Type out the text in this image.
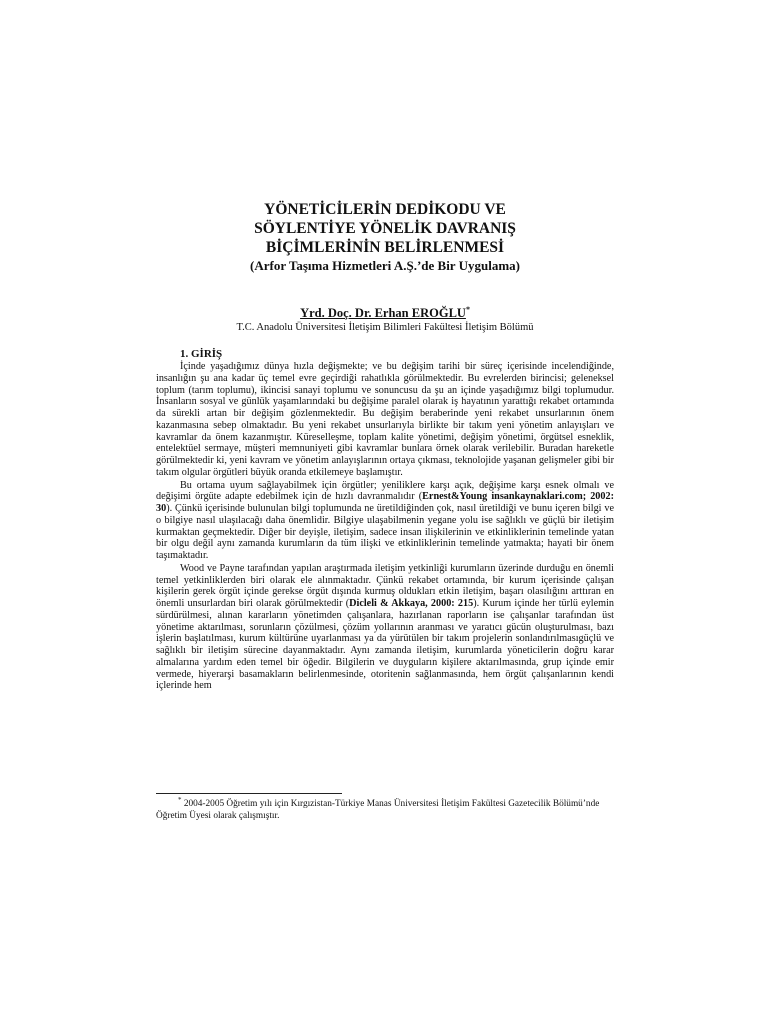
YÖNETİCİLERİN DEDİKODU VE
SÖYLENTİYE YÖNELİK DAVRANIŞ
BİÇİMLERİNİN BELİRLENMESİ
(Arfor Taşıma Hizmetleri A.Ş.’de Bir Uygulama)
Yrd. Doç. Dr. Erhan EROĞLU*
T.C. Anadolu Üniversitesi İletişim Bilimleri Fakültesi İletişim Bölümü
1. GİRİŞ

İçinde yaşadığımız dünya hızla değişmekte; ve bu değişim tarihi bir süreç içerisinde incelendiğinde, insanlığın şu ana kadar üç temel evre geçirdiği rahatlıkla görülmektedir. Bu evrelerden birincisi; geleneksel toplum (tarım toplumu), ikincisi sanayi toplumu ve sonuncusu da şu an içinde yaşadığımız bilgi toplumudur. İnsanların sosyal ve günlük yaşamlarındaki bu değişime paralel olarak iş hayatının yarattığı rekabet ortamında da sürekli artan bir değişim gözlenmektedir. Bu değişim beraberinde yeni rekabet unsurlarının önem kazanmasına sebep olmaktadır. Bu yeni rekabet unsurlarıyla birlikte bir takım yeni yönetim anlayışları ve kavramlar da önem kazanmıştır. Küreselleşme, toplam kalite yönetimi, değişim yönetimi, örgütsel esneklik, entelektüel sermaye, müşteri memnuniyeti gibi kavramlar bunlara örnek olarak verilebilir. Buradan hareketle görülmektedir ki, yeni kavram ve yönetim anlayışlarının ortaya çıkması, teknolojide yaşanan gelişmeler gibi bir takım olgular örgütleri büyük oranda etkilemeye başlamıştır.

Bu ortama uyum sağlayabilmek için örgütler; yeniliklere karşı açık, değişime karşı esnek olmalı ve değişimi örgüte adapte edebilmek için de hızlı davranmalıdır (Ernest&Young insankaynaklari.com; 2002: 30). Çünkü içerisinde bulunulan bilgi toplumunda ne üretildiğinden çok, nasıl üretildiği ve bunu içeren bilgi ve o bilgiye nasıl ulaşılacağı daha önemlidir. Bilgiye ulaşabilmenin yegane yolu ise sağlıklı ve güçlü bir iletişim kurmaktan geçmektedir. Diğer bir deyişle, iletişim, sadece insan ilişkilerinin ve etkinliklerinin temelinde yatan bir olgu değil aynı zamanda kurumların da tüm ilişki ve etkinliklerinin temelinde yatmakta; hayati bir önem taşımaktadır.

Wood ve Payne tarafından yapılan araştırmada iletişim yetkinliği kurumların üzerinde durduğu en önemli temel yetkinliklerden biri olarak ele alınmaktadır. Çünkü rekabet ortamında, bir kurum içerisinde çalışan kişilerin gerek örgüt içinde gerekse örgüt dışında kurmuş oldukları etkin iletişim, başarı olasılığını arttıran en önemli unsurlardan biri olarak görülmektedir (Dicleli & Akkaya, 2000: 215). Kurum içinde her türlü eylemin sürdürülmesi, alınan kararların yönetimden çalışanlara, hazırlanan raporların ise çalışanlar tarafından üst yönetime aktarılması, sorunların çözülmesi, çözüm yollarının aranması ve yaratıcı gücün oluşturulması, bazı işlerin başlatılması, kurum kültürüne uyarlanması ya da yürütülen bir takım projelerin sonlandırılmasıgüçlü ve sağlıklı bir iletişim sürecine dayanmaktadır. Aynı zamanda iletişim, kurumlarda yöneticilerin doğru karar almalarına yardım eden temel bir öğedir. Bilgilerin ve duyguların kişilere aktarılmasında, grup içinde emir vermede, hiyerarşi basamakların belirlenmesinde, otoritenin sağlanmasında, hem örgüt çalışanlarının kendi içlerinde hem

* 2004-2005 Öğretim yılı için Kırgızistan-Türkiye Manas Üniversitesi İletişim Fakültesi Gazetecilik Bölümü’nde Öğretim Üyesi olarak çalışmıştır.
